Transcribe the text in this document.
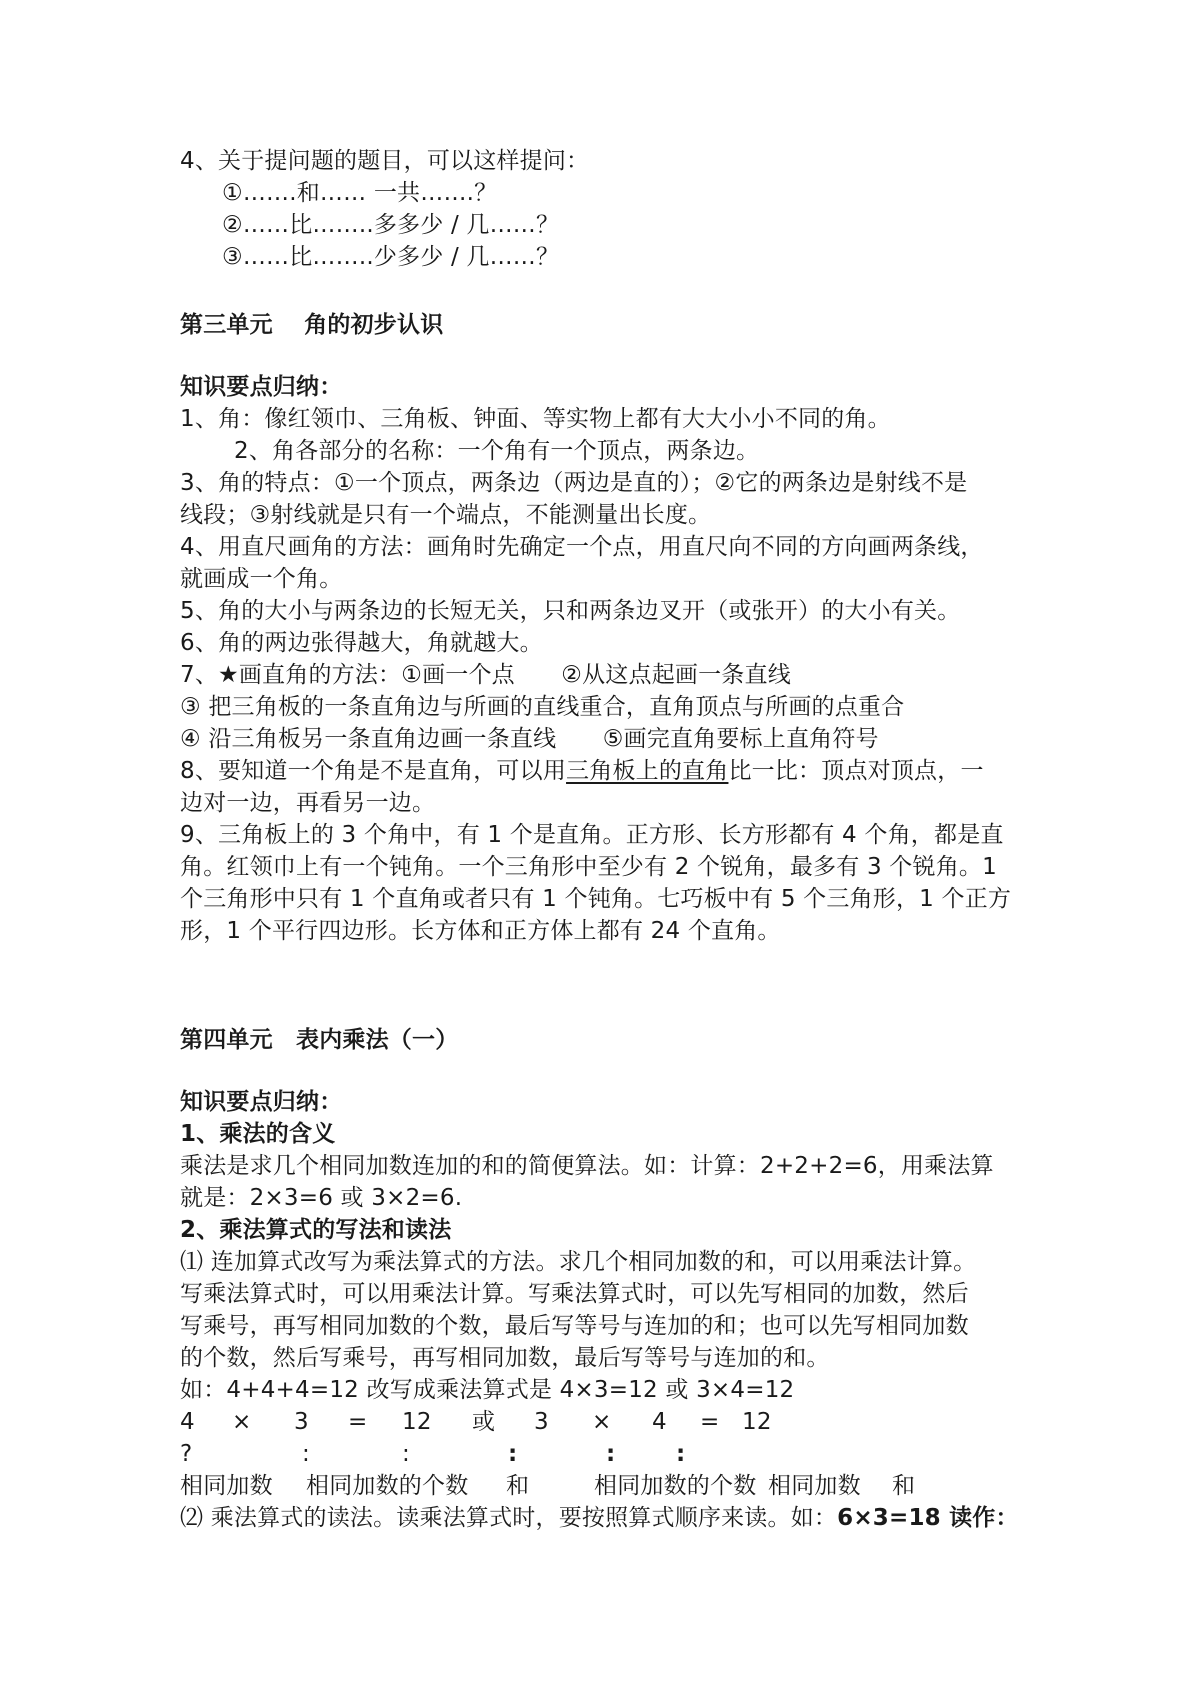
4、关于提问题的题目，可以这样提问：
①…….和…… 一共…….？
②……比……..多多少 / 几……？
③……比……..少多少 / 几……？
第三单元　 角的初步认识
知识要点归纳：
1、角：像红领巾、三角板、钟面、等实物上都有大大小小不同的角。
2、角各部分的名称：一个角有一个顶点，两条边。
3、角的特点：①一个顶点，两条边（两边是直的）；②它的两条边是射线不是
线段；③射线就是只有一个端点，不能测量出长度。
4、用直尺画角的方法：画角时先确定一个点，用直尺向不同的方向画两条线，
就画成一个角。
5、角的大小与两条边的长短无关，只和两条边叉开（或张开）的大小有关。
6、角的两边张得越大，角就越大。
7、★画直角的方法：①画一个点　　②从这点起画一条直线
③ 把三角板的一条直角边与所画的直线重合，直角顶点与所画的点重合
④ 沿三角板另一条直角边画一条直线　　⑤画完直角要标上直角符号
8、要知道一个角是不是直角，可以用三角板上的直角比一比：顶点对顶点，一
边对一边，再看另一边。
9、三角板上的 3 个角中，有 1 个是直角。正方形、长方形都有 4 个角，都是直
角。红领巾上有一个钝角。一个三角形中至少有 2 个锐角，最多有 3 个锐角。1
个三角形中只有 1 个直角或者只有 1 个钝角。七巧板中有 5 个三角形，1 个正方
形，1 个平行四边形。长方体和正方体上都有 24 个直角。
第四单元　表内乘法（一）
知识要点归纳：
1、乘法的含义
乘法是求几个相同加数连加的和的简便算法。如：计算：2+2+2=6，用乘法算
就是：2×3=6 或 3×2=6.
2、乘法算式的写法和读法
⑴ 连加算式改写为乘法算式的方法。求几个相同加数的和，可以用乘法计算。
写乘法算式时，可以用乘法计算。写乘法算式时，可以先写相同的加数，然后
写乘号，再写相同加数的个数，最后写等号与连加的和；也可以先写相同加数
的个数，然后写乘号，再写相同加数，最后写等号与连加的和。
如：4+4+4=12 改写成乘法算式是 4×3=12 或 3×4=12
4 × 3 = 12 或 3 × 4 = 12
?	:	:	:	:	:
相同加数 相同加数的个数 和	相同加数的个数 相同加数 和
⑵ 乘法算式的读法。读乘法算式时，要按照算式顺序来读。如：6×3=18 读作：
